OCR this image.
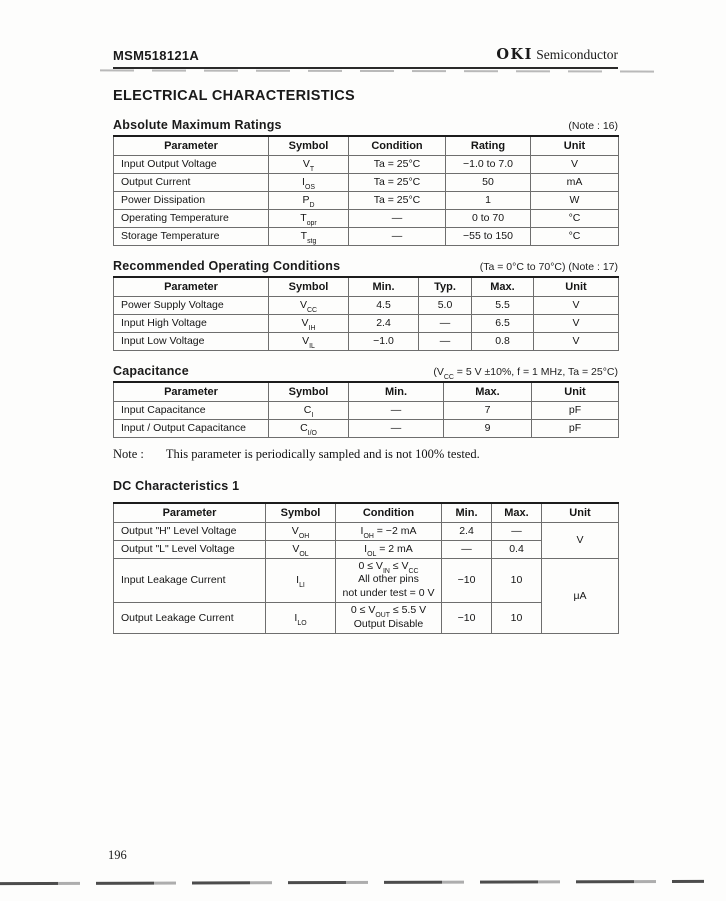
MSM518121A	OKI Semiconductor
ELECTRICAL CHARACTERISTICS
Absolute Maximum Ratings	(Note : 16)
Parameter	Symbol	Condition	Rating	Unit
Input Output Voltage	$V_T$	Ta = 25°C	−1.0 to 7.0	V
Output Current	$I_{OS}$	Ta = 25°C	50	mA
Power Dissipation	$P_D$	Ta = 25°C	1	W
Operating Temperature	$T_{opr}$	—	0 to 70	°C
Storage Temperature	$T_{stg}$	—	−55 to 150	°C
Recommended Operating Conditions	(Ta = 0°C to 70°C) (Note : 17)
Parameter	Symbol	Min.	Typ.	Max.	Unit
Power Supply Voltage	$V_{CC}$	4.5	5.0	5.5	V
Input High Voltage	$V_{IH}$	2.4	—	6.5	V
Input Low Voltage	$V_{IL}$	−1.0	—	0.8	V
Capacitance	($V_{CC} = 5$ V ±10%, f = 1 MHz, Ta = 25°C)
Parameter	Symbol	Min.	Max.	Unit
Input Capacitance	$C_I$	—	7	pF
Input / Output Capacitance	$C_{I/O}$	—	9	pF
Note : This parameter is periodically sampled and is not 100% tested.
DC Characteristics 1
Parameter	Symbol	Condition	Min.	Max.	Unit
Output "H" Level Voltage	$V_{OH}$	$I_{OH} = -2$ mA	2.4	—	V
Output "L" Level Voltage	$V_{OL}$	$I_{OL} = 2$ mA	—	0.4	
Input Leakage Current	$I_{LI}$	$0 \le V_{IN} \le V_{CC}$
All other pins
not under test = 0 V	−10	10	μA
Output Leakage Current	$I_{LO}$	$0 \le V_{OUT} \le 5.5$ V
Output Disable	−10	10	
196
